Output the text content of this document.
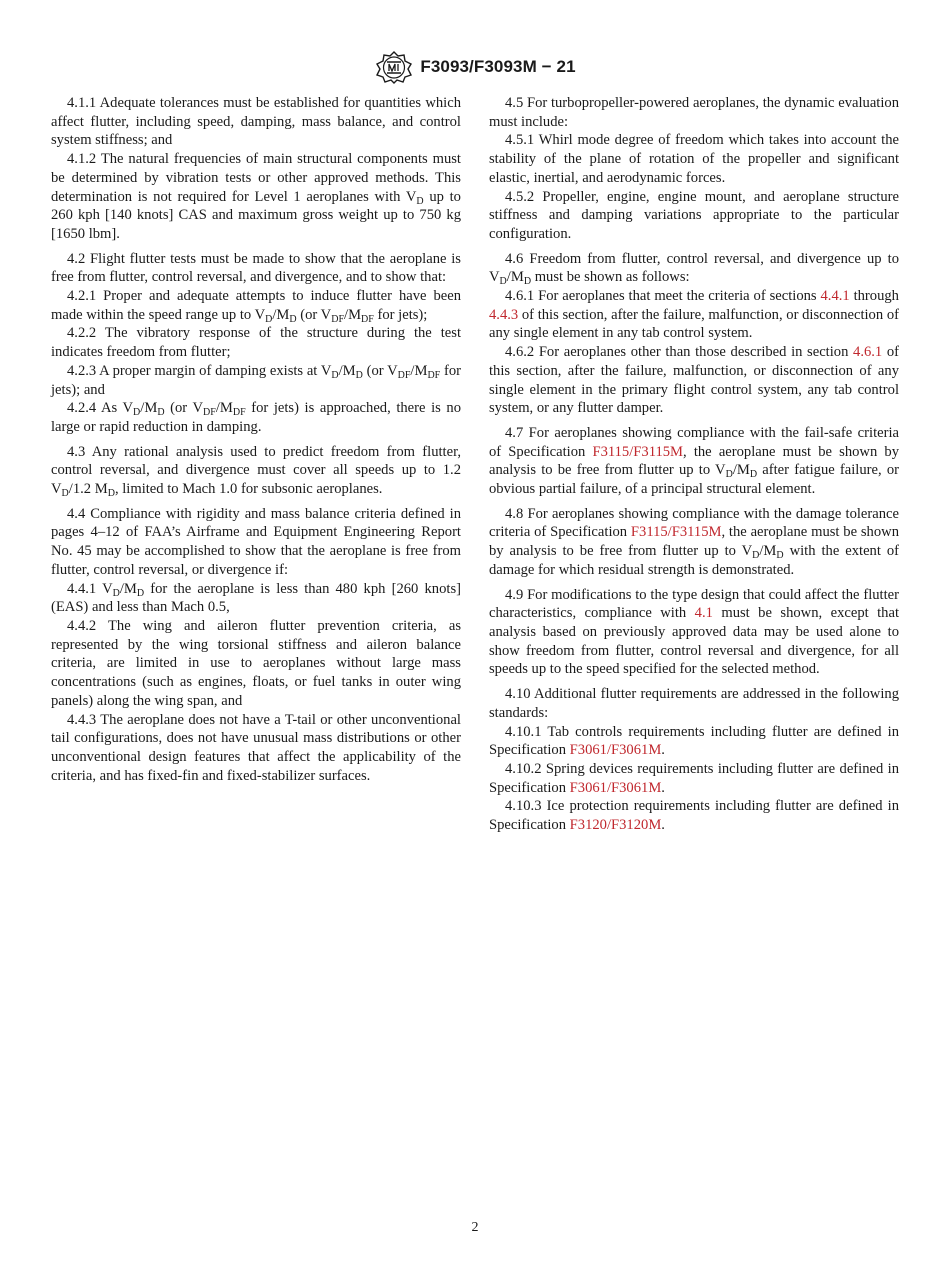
F3093/F3093M − 21

4.1.1 Adequate tolerances must be established for quantities which affect flutter, including speed, damping, mass balance, and control system stiffness; and

4.1.2 The natural frequencies of main structural components must be determined by vibration tests or other approved methods. This determination is not required for Level 1 aeroplanes with $V_D$ up to 260 kph [140 knots] CAS and maximum gross weight up to 750 kg [1650 lbm].

4.2 Flight flutter tests must be made to show that the aeroplane is free from flutter, control reversal, and divergence, and to show that:

4.2.1 Proper and adequate attempts to induce flutter have been made within the speed range up to $V_D/M_D$ (or $V_{DF}/M_{DF}$ for jets);

4.2.2 The vibratory response of the structure during the test indicates freedom from flutter;

4.2.3 A proper margin of damping exists at $V_D/M_D$ (or $V_{DF}/M_{DF}$ for jets); and

4.2.4 As $V_D/M_D$ (or $V_{DF}/M_{DF}$ for jets) is approached, there is no large or rapid reduction in damping.

4.3 Any rational analysis used to predict freedom from flutter, control reversal, and divergence must cover all speeds up to 1.2 $V_D/1.2$ $M_D$, limited to Mach 1.0 for subsonic aeroplanes.

4.4 Compliance with rigidity and mass balance criteria defined in pages 4–12 of FAA’s Airframe and Equipment Engineering Report No. 45 may be accomplished to show that the aeroplane is free from flutter, control reversal, or divergence if:

4.4.1 $V_D/M_D$ for the aeroplane is less than 480 kph [260 knots] (EAS) and less than Mach 0.5,

4.4.2 The wing and aileron flutter prevention criteria, as represented by the wing torsional stiffness and aileron balance criteria, are limited in use to aeroplanes without large mass concentrations (such as engines, floats, or fuel tanks in outer wing panels) along the wing span, and

4.4.3 The aeroplane does not have a T-tail or other unconventional tail configurations, does not have unusual mass distributions or other unconventional design features that affect the applicability of the criteria, and has fixed-fin and fixed-stabilizer surfaces.

4.5 For turbopropeller-powered aeroplanes, the dynamic evaluation must include:

4.5.1 Whirl mode degree of freedom which takes into account the stability of the plane of rotation of the propeller and significant elastic, inertial, and aerodynamic forces.

4.5.2 Propeller, engine, engine mount, and aeroplane structure stiffness and damping variations appropriate to the particular configuration.

4.6 Freedom from flutter, control reversal, and divergence up to $V_D/M_D$ must be shown as follows:

4.6.1 For aeroplanes that meet the criteria of sections 4.4.1 through 4.4.3 of this section, after the failure, malfunction, or disconnection of any single element in any tab control system.

4.6.2 For aeroplanes other than those described in section 4.6.1 of this section, after the failure, malfunction, or disconnection of any single element in the primary flight control system, any tab control system, or any flutter damper.

4.7 For aeroplanes showing compliance with the fail-safe criteria of Specification F3115/F3115M, the aeroplane must be shown by analysis to be free from flutter up to $V_D/M_D$ after fatigue failure, or obvious partial failure, of a principal structural element.

4.8 For aeroplanes showing compliance with the damage tolerance criteria of Specification F3115/F3115M, the aeroplane must be shown by analysis to be free from flutter up to $V_D/M_D$ with the extent of damage for which residual strength is demonstrated.

4.9 For modifications to the type design that could affect the flutter characteristics, compliance with 4.1 must be shown, except that analysis based on previously approved data may be used alone to show freedom from flutter, control reversal and divergence, for all speeds up to the speed specified for the selected method.

4.10 Additional flutter requirements are addressed in the following standards:

4.10.1 Tab controls requirements including flutter are defined in Specification F3061/F3061M.

4.10.2 Spring devices requirements including flutter are defined in Specification F3061/F3061M.

4.10.3 Ice protection requirements including flutter are defined in Specification F3120/F3120M.

2
